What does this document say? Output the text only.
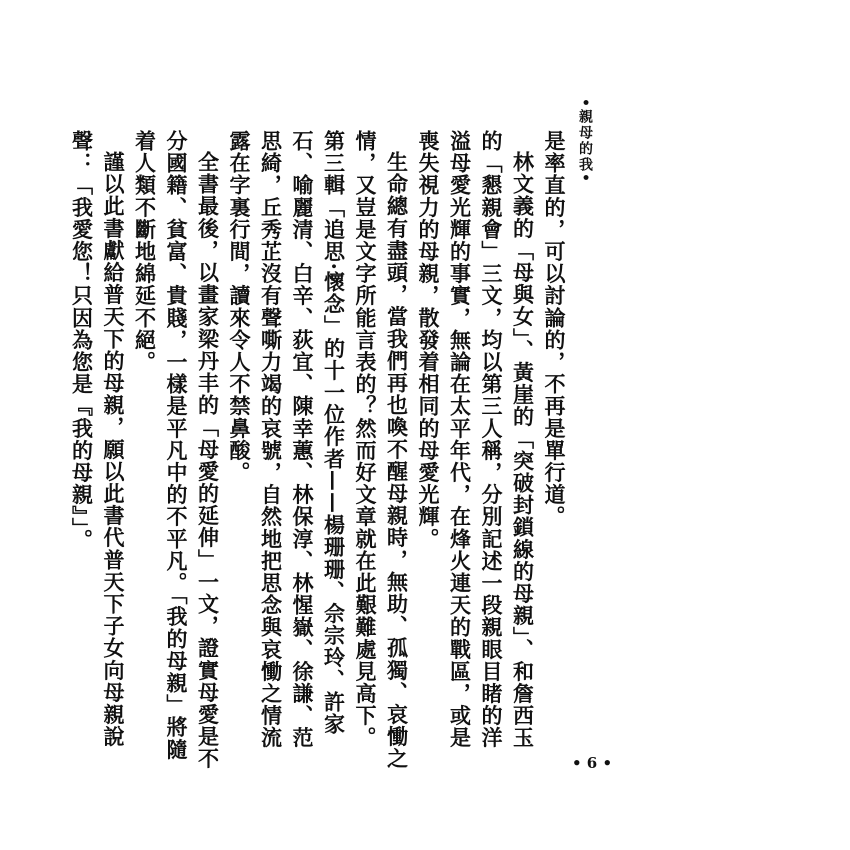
•親母的我•

是率直的，可以討論的，不再是單行道。

林文義的「母與女」、黃崖的「突破封鎖線的母親」、和詹西玉的「懇親會」三文，均以第三人稱，分別記述一段親眼目睹的洋溢母愛光輝的事實，無論在太平年代，在烽火連天的戰區，或是喪失視力的母親，散發着相同的母愛光輝。

生命總有盡頭，當我們再也喚不醒母親時，無助、孤獨、哀慟之情，又豈是文字所能言表的？然而好文章就在此艱難處見高下。第三輯「追思·懷念」的十一位作者——楊珊珊、佘宗玲、許家石、喻麗清、白辛、荻宜、陳幸蕙、林保淳、林惺嶽、徐謙、范思綺，丘秀芷沒有聲嘶力竭的哀號，自然地把思念與哀慟之情流露在字裏行間，讀來令人不禁鼻酸。

全書最後，以畫家梁丹丰的「母愛的延伸」一文，證實母愛是不分國籍、貧富、貴賤，一樣是平凡中的不平凡。「我的母親」將隨着人類不斷地綿延不絕。

謹以此書獻給普天下的母親，願以此書代普天下子女向母親說聲：「我愛您！只因為您是『我的母親』」。

• 6 •
